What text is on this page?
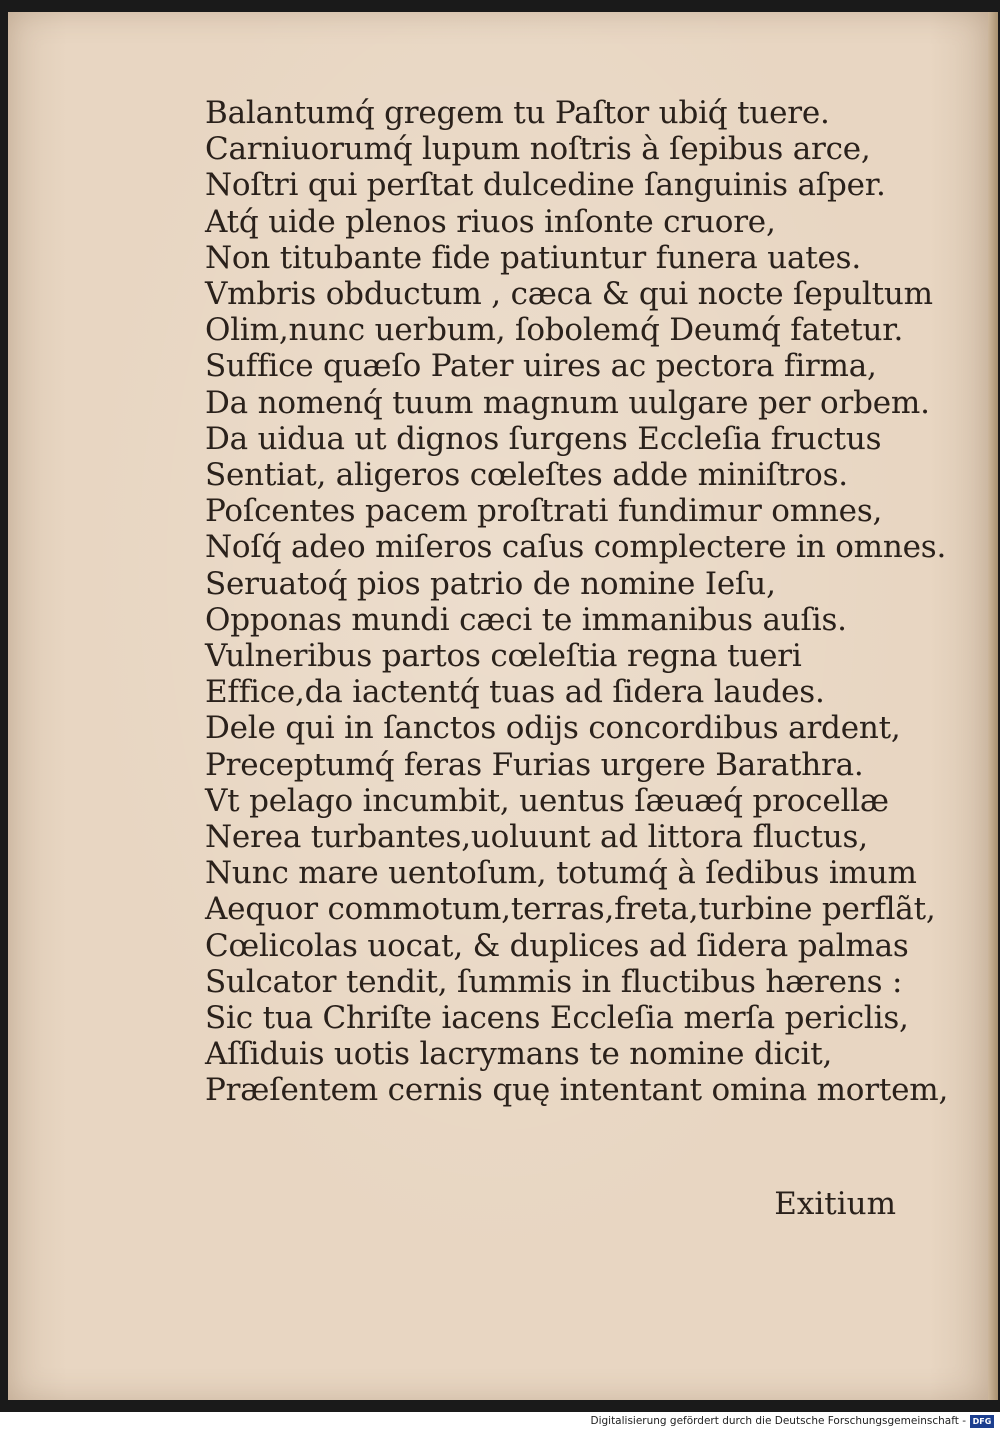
Balantumq́ gregem tu Paſtor ubiq́ tuere.
Carniuorumq́ lupum noſtris à ſepibus arce,
Noſtri qui perſtat dulcedine ſanguinis aſper.
Atq́ uide plenos riuos inſonte cruore,
Non titubante fide patiuntur funera uates.
Vmbris obductum , cæca & qui nocte ſepultum
Olim,nunc uerbum, ſobolemq́ Deumq́ fatetur.
Suffice quæſo Pater uires ac pectora firma,
Da nomenq́ tuum magnum uulgare per orbem.
Da uidua ut dignos ſurgens Eccleſia fructus
Sentiat, aligeros cœleſtes adde miniſtros.
Poſcentes pacem proſtrati fundimur omnes,
Noſq́ adeo miſeros caſus complectere in omnes.
Seruatoq́ pios patrio de nomine Ieſu,
Opponas mundi cæci te immanibus auſis.
Vulneribus partos cœleſtia regna tueri
Effice,da iactentq́ tuas ad ſidera laudes.
Dele qui in ſanctos odijs concordibus ardent,
Preceptumq́ feras Furias urgere Barathra.
Vt pelago incumbit, uentus ſæuæq́ procellæ
Nerea turbantes,uoluunt ad littora fluctus,
Nunc mare uentoſum, totumq́ à ſedibus imum
Aequor commotum,terras,freta,turbine perflãt,
Cœlicolas uocat, & duplices ad ſidera palmas
Sulcator tendit, ſummis in fluctibus hærens :
Sic tua Chriſte iacens Eccleſia merſa periclis,
Aſſiduis uotis lacrymans te nomine dicit,
Præſentem cernis quę intentant omina mortem,
Exitium
Digitalisierung gefördert durch die Deutsche Forschungsgemeinschaft - DFG
